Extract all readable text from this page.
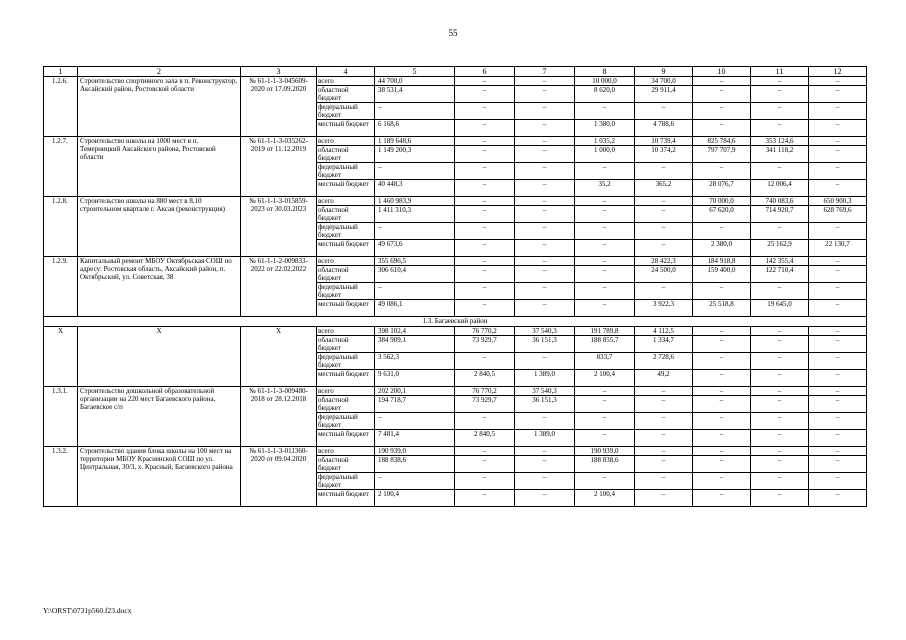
55
1	2	3	4	5	6	7	8	9	10	11	12
1.2.6.	Строительство спортивного зала в п. Реконструктор, Аксайский район, Ростовской области	№ 61-1-1-3-045609-2020 от 17.09.2020	всего	44 700,0	–	–	10 000,0	34 700,0	–	–	–
			областной бюджет	38 531,4	–	–	8 620,0	29 911,4	–	–	–
			федеральный бюджет	–	–	–	–	–	–	–	–
			местный бюджет	6 168,6	–	–	1 380,0	4 788,6	–	–	–
1.2.7.	Строительство школы на 1000 мест в п. Темерницкий Аксайского района, Ростовской области	№ 61-1-1-3-035262-2019 от 11.12.2019	всего	1 189 648,6	–	–	1 035,2	10 739,4	825 784,6	353 124,6	–
			областной бюджет	1 149 200,3	–	–	1 000,0	10 374,2	797 707,9	341 118,2	–
			федеральный бюджет	–	–	–	–	–	–	–	–
			местный бюджет	40 448,3	–	–	35,2	365,2	28 076,7	12 006,4	–
1.2.8.	Строительство школы на 880 мест в 8.10 строительном квартале г. Аксая (реконструкция)	№ 61-1-1-3-015859-2023 от 30.03.2023	всего	1 460 983,9	–	–	–	–	70 000,0	740 083,6	650 900,3
			областной бюджет	1 411 310,3	–	–	–	–	67 620,0	714 920,7	628 769,6
			федеральный бюджет	–	–	–	–	–	–	–	–
			местный бюджет	49 673,6	–	–	–	–	2 380,0	25 162,9	22 130,7
1.2.9.	Капитальный ремонт МБОУ Октябрьская СОШ по адресу: Ростовская область, Аксайский район, п. Октябрьский, ул. Советская, 38	№ 61-1-1-2-009833-2022 от 22.02.2022	всего	355 696,5	–	–	–	28 422,3	184 918,8	142 355,4	–
			областной бюджет	306 610,4	–	–	–	24 500,0	159 400,0	122 710,4	–
			федеральный бюджет	–	–	–	–	–	–	–	–
			местный бюджет	49 086,1	–	–	–	3 922,3	25 518,8	19 645,0	–
1.3. Багаевский район											
X	X	X	всего	398 102,4	76 770,2	37 540,3	191 789,8	4 112,5	–	–	–
			областной бюджет	384 909,1	73 929,7	36 151,3	188 855,7	1 334,7	–	–	–
			федеральный бюджет	3 562,3	–	–	833,7	2 728,6	–	–	–
			местный бюджет	9 631,0	2 840,5	1 389,0	2 100,4	49,2	–	–	–
1.3.1.	Строительство дошкольной образовательной организации на 220 мест Багаевского района, Багаевское с/п	№ 61-1-1-3-009480-2018 от 28.12.2018	всего	202 200,1	76 770,2	37 540,3	–	–	–	–	–
			областной бюджет	194 718,7	73 929,7	36 151,3	–	–	–	–	–
			федеральный бюджет	–	–	–	–	–	–	–	–
			местный бюджет	7 481,4	2 840,5	1 389,0	–	–	–	–	–
1.3.2.	Строительство здания блока школы на 100 мест на территории МБОУ Красненской СОШ по ул. Центральная, 30/3, х. Красный, Багаевского района	№ 61-1-1-3-011360-2020 от 09.04.2020	всего	190 939,0	–	–	190 939,0	–	–	–	–
			областной бюджет	188 838,6	–	–	188 838,6	–	–	–	–
			федеральный бюджет	–	–	–	–	–	–	–	–
			местный бюджет	2 100,4	–	–	2 100,4	–	–	–	–
Y:\ORST\0731p560.f23.docx
